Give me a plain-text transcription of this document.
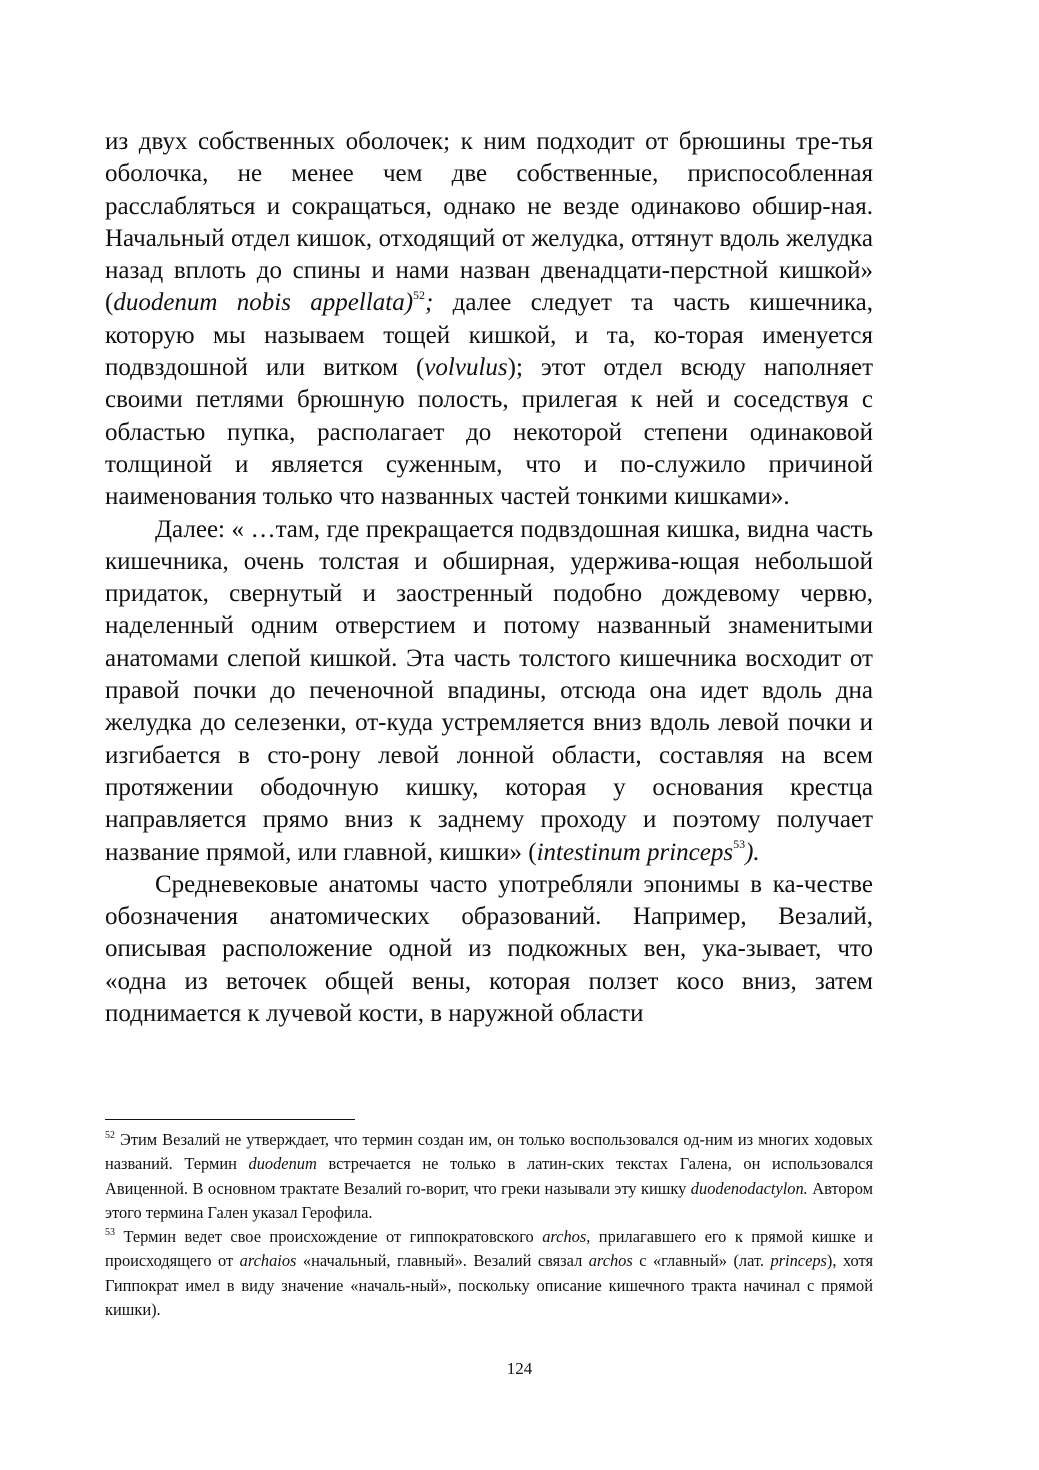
из двух собственных оболочек; к ним подходит от брюшины тре-тья оболочка, не менее чем две собственные, приспособленная расслабляться и сокращаться, однако не везде одинаково обшир-ная. Начальный отдел кишок, отходящий от желудка, оттянут вдоль желудка назад вплоть до спины и нами назван двенадцати-перстной кишкой» (duodenum nobis appellata)$^{52}$; далее следует та часть кишечника, которую мы называем тощей кишкой, и та, ко-торая именуется подвздошной или витком (volvulus); этот отдел всюду наполняет своими петлями брюшную полость, прилегая к ней и соседствуя с областью пупка, располагает до некоторой степени одинаковой толщиной и является суженным, что и по-служило причиной наименования только что названных частей тонкими кишками».

Далее: « …там, где прекращается подвздошная кишка, видна часть кишечника, очень толстая и обширная, удержива-ющая небольшой придаток, свернутый и заостренный подобно дождевому червю, наделенный одним отверстием и потому названный знаменитыми анатомами слепой кишкой. Эта часть толстого кишечника восходит от правой почки до печеночной впадины, отсюда она идет вдоль дна желудка до селезенки, от-куда устремляется вниз вдоль левой почки и изгибается в сто-рону левой лонной области, составляя на всем протяжении ободочную кишку, которая у основания крестца направляется прямо вниз к заднему проходу и поэтому получает название прямой, или главной, кишки» (intestinum princeps$^{53}$).

Средневековые анатомы часто употребляли эпонимы в ка-честве обозначения анатомических образований. Например, Везалий, описывая расположение одной из подкожных вен, ука-зывает, что «одна из веточек общей вены, которая ползет косо вниз, затем поднимается к лучевой кости, в наружной области

$^{52}$ Этим Везалий не утверждает, что термин создан им, он только воспользовался од-ним из многих ходовых названий. Термин duodenum встречается не только в латин-ских текстах Галена, он использовался Авиценной. В основном трактате Везалий го-ворит, что греки называли эту кишку duodenodactylon. Автором этого термина Гален указал Герофила.

$^{53}$ Термин ведет свое происхождение от гиппократовского archos, прилагавшего его к прямой кишке и происходящего от archaios «начальный, главный». Везалий связал archos с «главный» (лат. princeps), хотя Гиппократ имел в виду значение «началь-ный», поскольку описание кишечного тракта начинал с прямой кишки).

124
